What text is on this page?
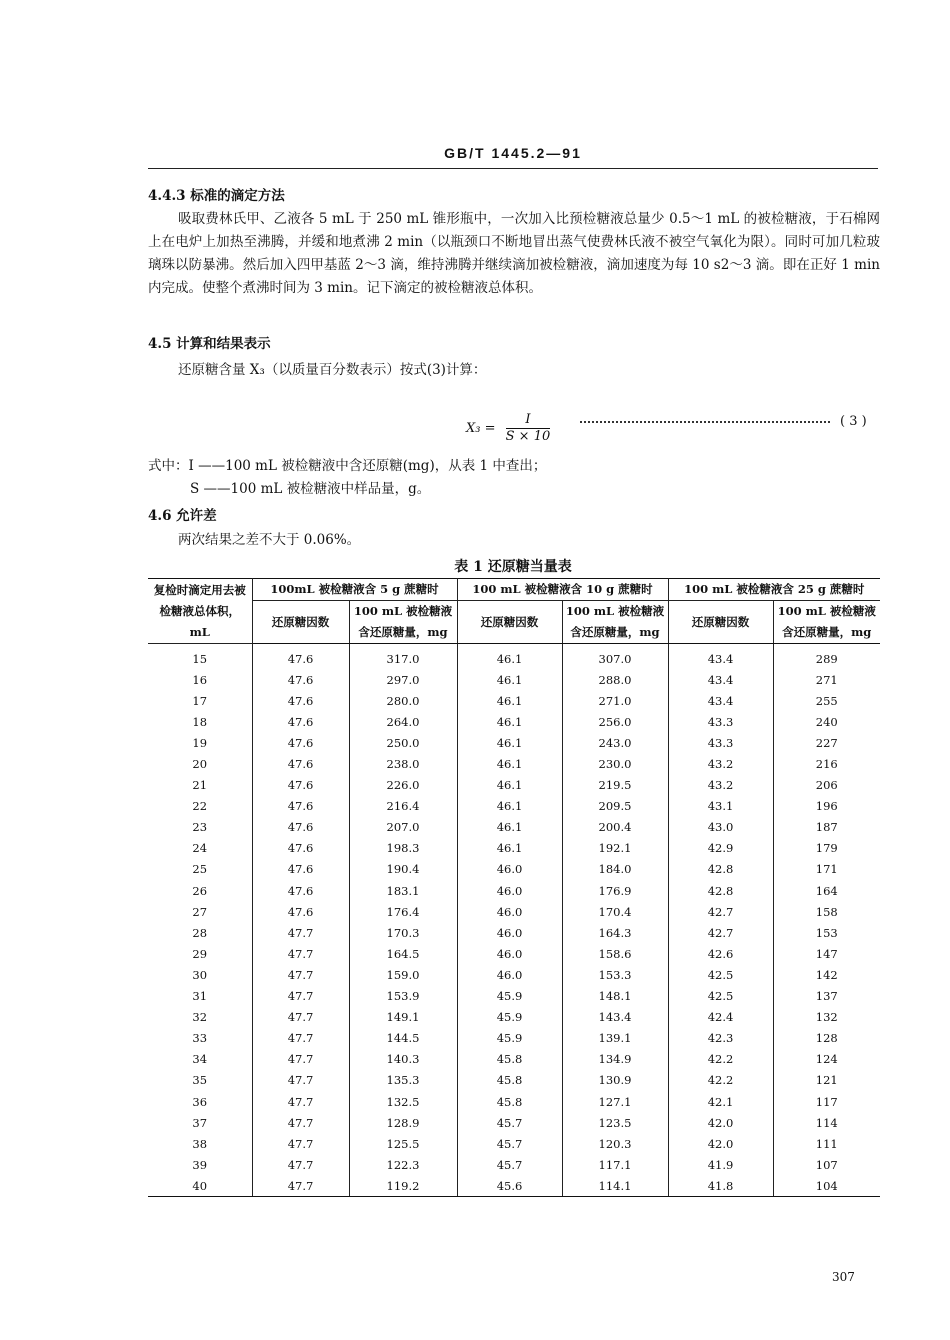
GB/T 1445.2—91
4.4.3 标准的滴定方法
吸取费林氏甲、乙液各 5 mL 于 250 mL 锥形瓶中，一次加入比预检糖液总量少 0.5～1 mL 的被检糖液，于石棉网上在电炉上加热至沸腾，并缓和地煮沸 2 min（以瓶颈口不断地冒出蒸气使费林氏液不被空气氧化为限）。同时可加几粒玻璃珠以防暴沸。然后加入四甲基蓝 2～3 滴，维持沸腾并继续滴加被检糖液，滴加速度为每 10 s2～3 滴。即在正好 1 min 内完成。使整个煮沸时间为 3 min。记下滴定的被检糖液总体积。
4.5 计算和结果表示
还原糖含量 X₃（以质量百分数表示）按式(3)计算：
$X_3 = \frac{I}{S \times 10}$	( 3 )
式中：I ——100 mL 被检糖液中含还原糖(mg)，从表 1 中查出；
S ——100 mL 被检糖液中样品量，g。
4.6 允许差
两次结果之差不大于 0.06%。
表 1 还原糖当量表
复检时滴定用去被检糖液总体积，mL	100mL 被检糖液含 5 g 蔗糖时		100 mL 被检糖液含 10 g 蔗糖时		100 mL 被检糖液含 25 g 蔗糖时	
	还原糖因数	100 mL 被检糖液含还原糖量，mg	还原糖因数	100 mL 被检糖液含还原糖量，mg	还原糖因数	100 mL 被检糖液含还原糖量，mg
15	47.6	317.0	46.1	307.0	43.4	289
16	47.6	297.0	46.1	288.0	43.4	271
17	47.6	280.0	46.1	271.0	43.4	255
18	47.6	264.0	46.1	256.0	43.3	240
19	47.6	250.0	46.1	243.0	43.3	227
20	47.6	238.0	46.1	230.0	43.2	216
21	47.6	226.0	46.1	219.5	43.2	206
22	47.6	216.4	46.1	209.5	43.1	196
23	47.6	207.0	46.1	200.4	43.0	187
24	47.6	198.3	46.1	192.1	42.9	179
25	47.6	190.4	46.0	184.0	42.8	171
26	47.6	183.1	46.0	176.9	42.8	164
27	47.6	176.4	46.0	170.4	42.7	158
28	47.7	170.3	46.0	164.3	42.7	153
29	47.7	164.5	46.0	158.6	42.6	147
30	47.7	159.0	46.0	153.3	42.5	142
31	47.7	153.9	45.9	148.1	42.5	137
32	47.7	149.1	45.9	143.4	42.4	132
33	47.7	144.5	45.9	139.1	42.3	128
34	47.7	140.3	45.8	134.9	42.2	124
35	47.7	135.3	45.8	130.9	42.2	121
36	47.7	132.5	45.8	127.1	42.1	117
37	47.7	128.9	45.7	123.5	42.0	114
38	47.7	125.5	45.7	120.3	42.0	111
39	47.7	122.3	45.7	117.1	41.9	107
40	47.7	119.2	45.6	114.1	41.8	104
307
